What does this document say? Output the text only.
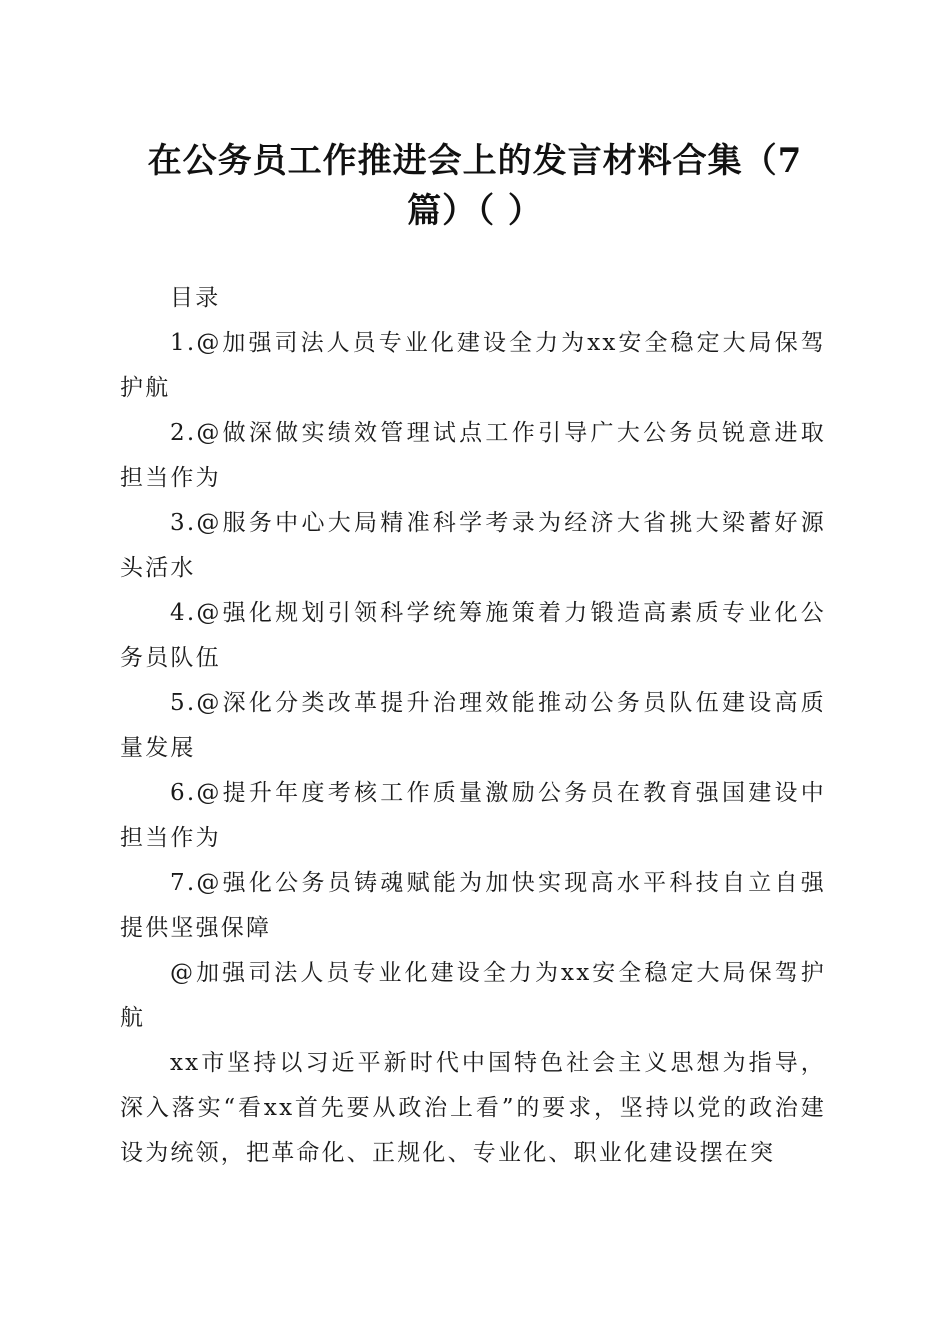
在公务员工作推进会上的发言材料合集（7
篇）（ ）

目录

1.@加强司法人员专业化建设全力为xx安全稳定大局保驾护航

2.@做深做实绩效管理试点工作引导广大公务员锐意进取担当作为

3.@服务中心大局精准科学考录为经济大省挑大梁蓄好源头活水

4.@强化规划引领科学统筹施策着力锻造高素质专业化公务员队伍

5.@深化分类改革提升治理效能推动公务员队伍建设高质量发展

6.@提升年度考核工作质量激励公务员在教育强国建设中担当作为

7.@强化公务员铸魂赋能为加快实现高水平科技自立自强提供坚强保障

@加强司法人员专业化建设全力为xx安全稳定大局保驾护航

xx市坚持以习近平新时代中国特色社会主义思想为指导，深入落实“看xx首先要从政治上看”的要求，坚持以党的政治建设为统领，把革命化、正规化、专业化、职业化建设摆在突
